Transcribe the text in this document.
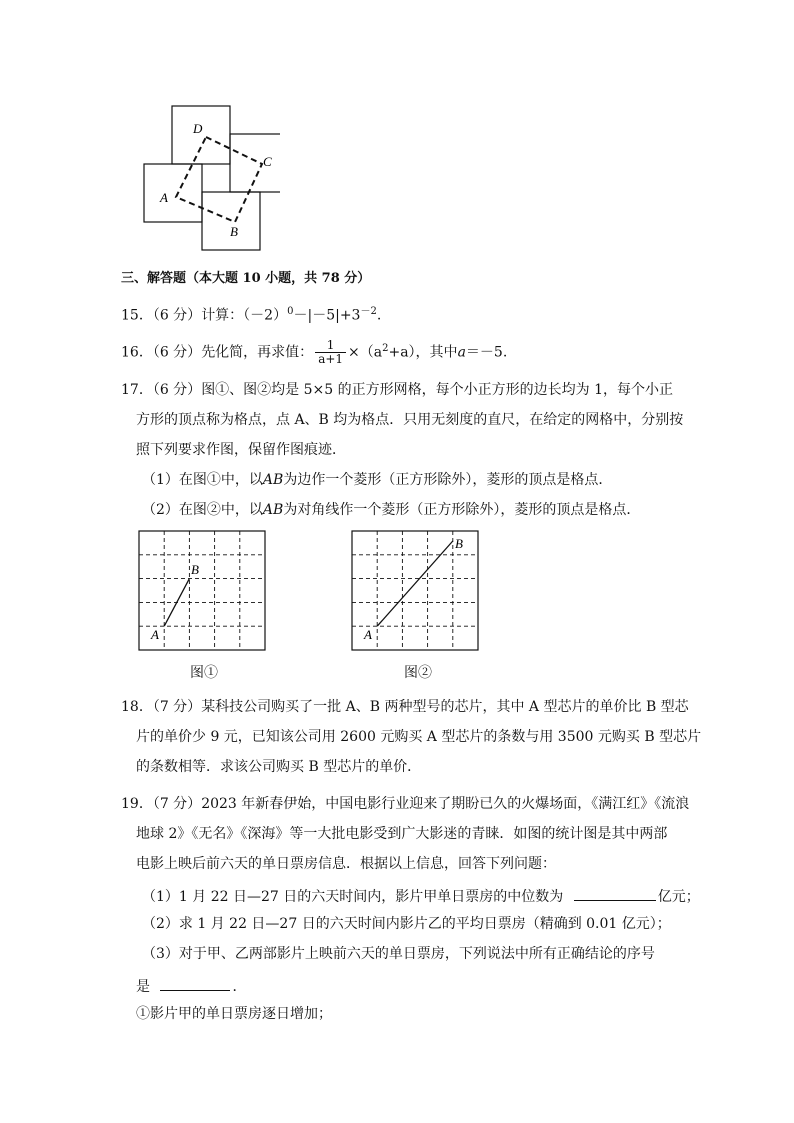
D
C
A
B
三、解答题（本大题 10 小题，共 78 分）
15．（6 分）计算：$(-2)^0-|-5|+3^{-2}$.
16．（6 分）先化简，再求值： $\frac{1}{a+1} \times(a^2+a)$，其中a＝－5.
17．（6 分）图①、图②均是 5×5 的正方形网格，每个小正方形的边长均为 1，每个小正
方形的顶点称为格点，点 A、B 均为格点．只用无刻度的直尺，在给定的网格中，分别按
照下列要求作图，保留作图痕迹．
（1）在图①中，以AB为边作一个菱形（正方形除外），菱形的顶点是格点．
（2）在图②中，以AB为对角线作一个菱形（正方形除外），菱形的顶点是格点．
A
B
图①
A
B
图②
18．（7 分）某科技公司购买了一批 A、B 两种型号的芯片，其中 A 型芯片的单价比 B 型芯
片的单价少 9 元，已知该公司用 2600 元购买 A 型芯片的条数与用 3500 元购买 B 型芯片
的条数相等．求该公司购买 B 型芯片的单价．
19．（7 分）2023 年新春伊始，中国电影行业迎来了期盼已久的火爆场面，《满江红》《流浪
地球 2》《无名》《深海》等一大批电影受到广大影迷的青睐．如图的统计图是其中两部
电影上映后前六天的单日票房信息．根据以上信息，回答下列问题：
（1）1 月 22 日—27 日的六天时间内，影片甲单日票房的中位数为	亿元；
（2）求 1 月 22 日—27 日的六天时间内影片乙的平均日票房（精确到 0.01 亿元）；
（3）对于甲、乙两部影片上映前六天的单日票房，下列说法中所有正确结论的序号
是	．
①影片甲的单日票房逐日增加；
